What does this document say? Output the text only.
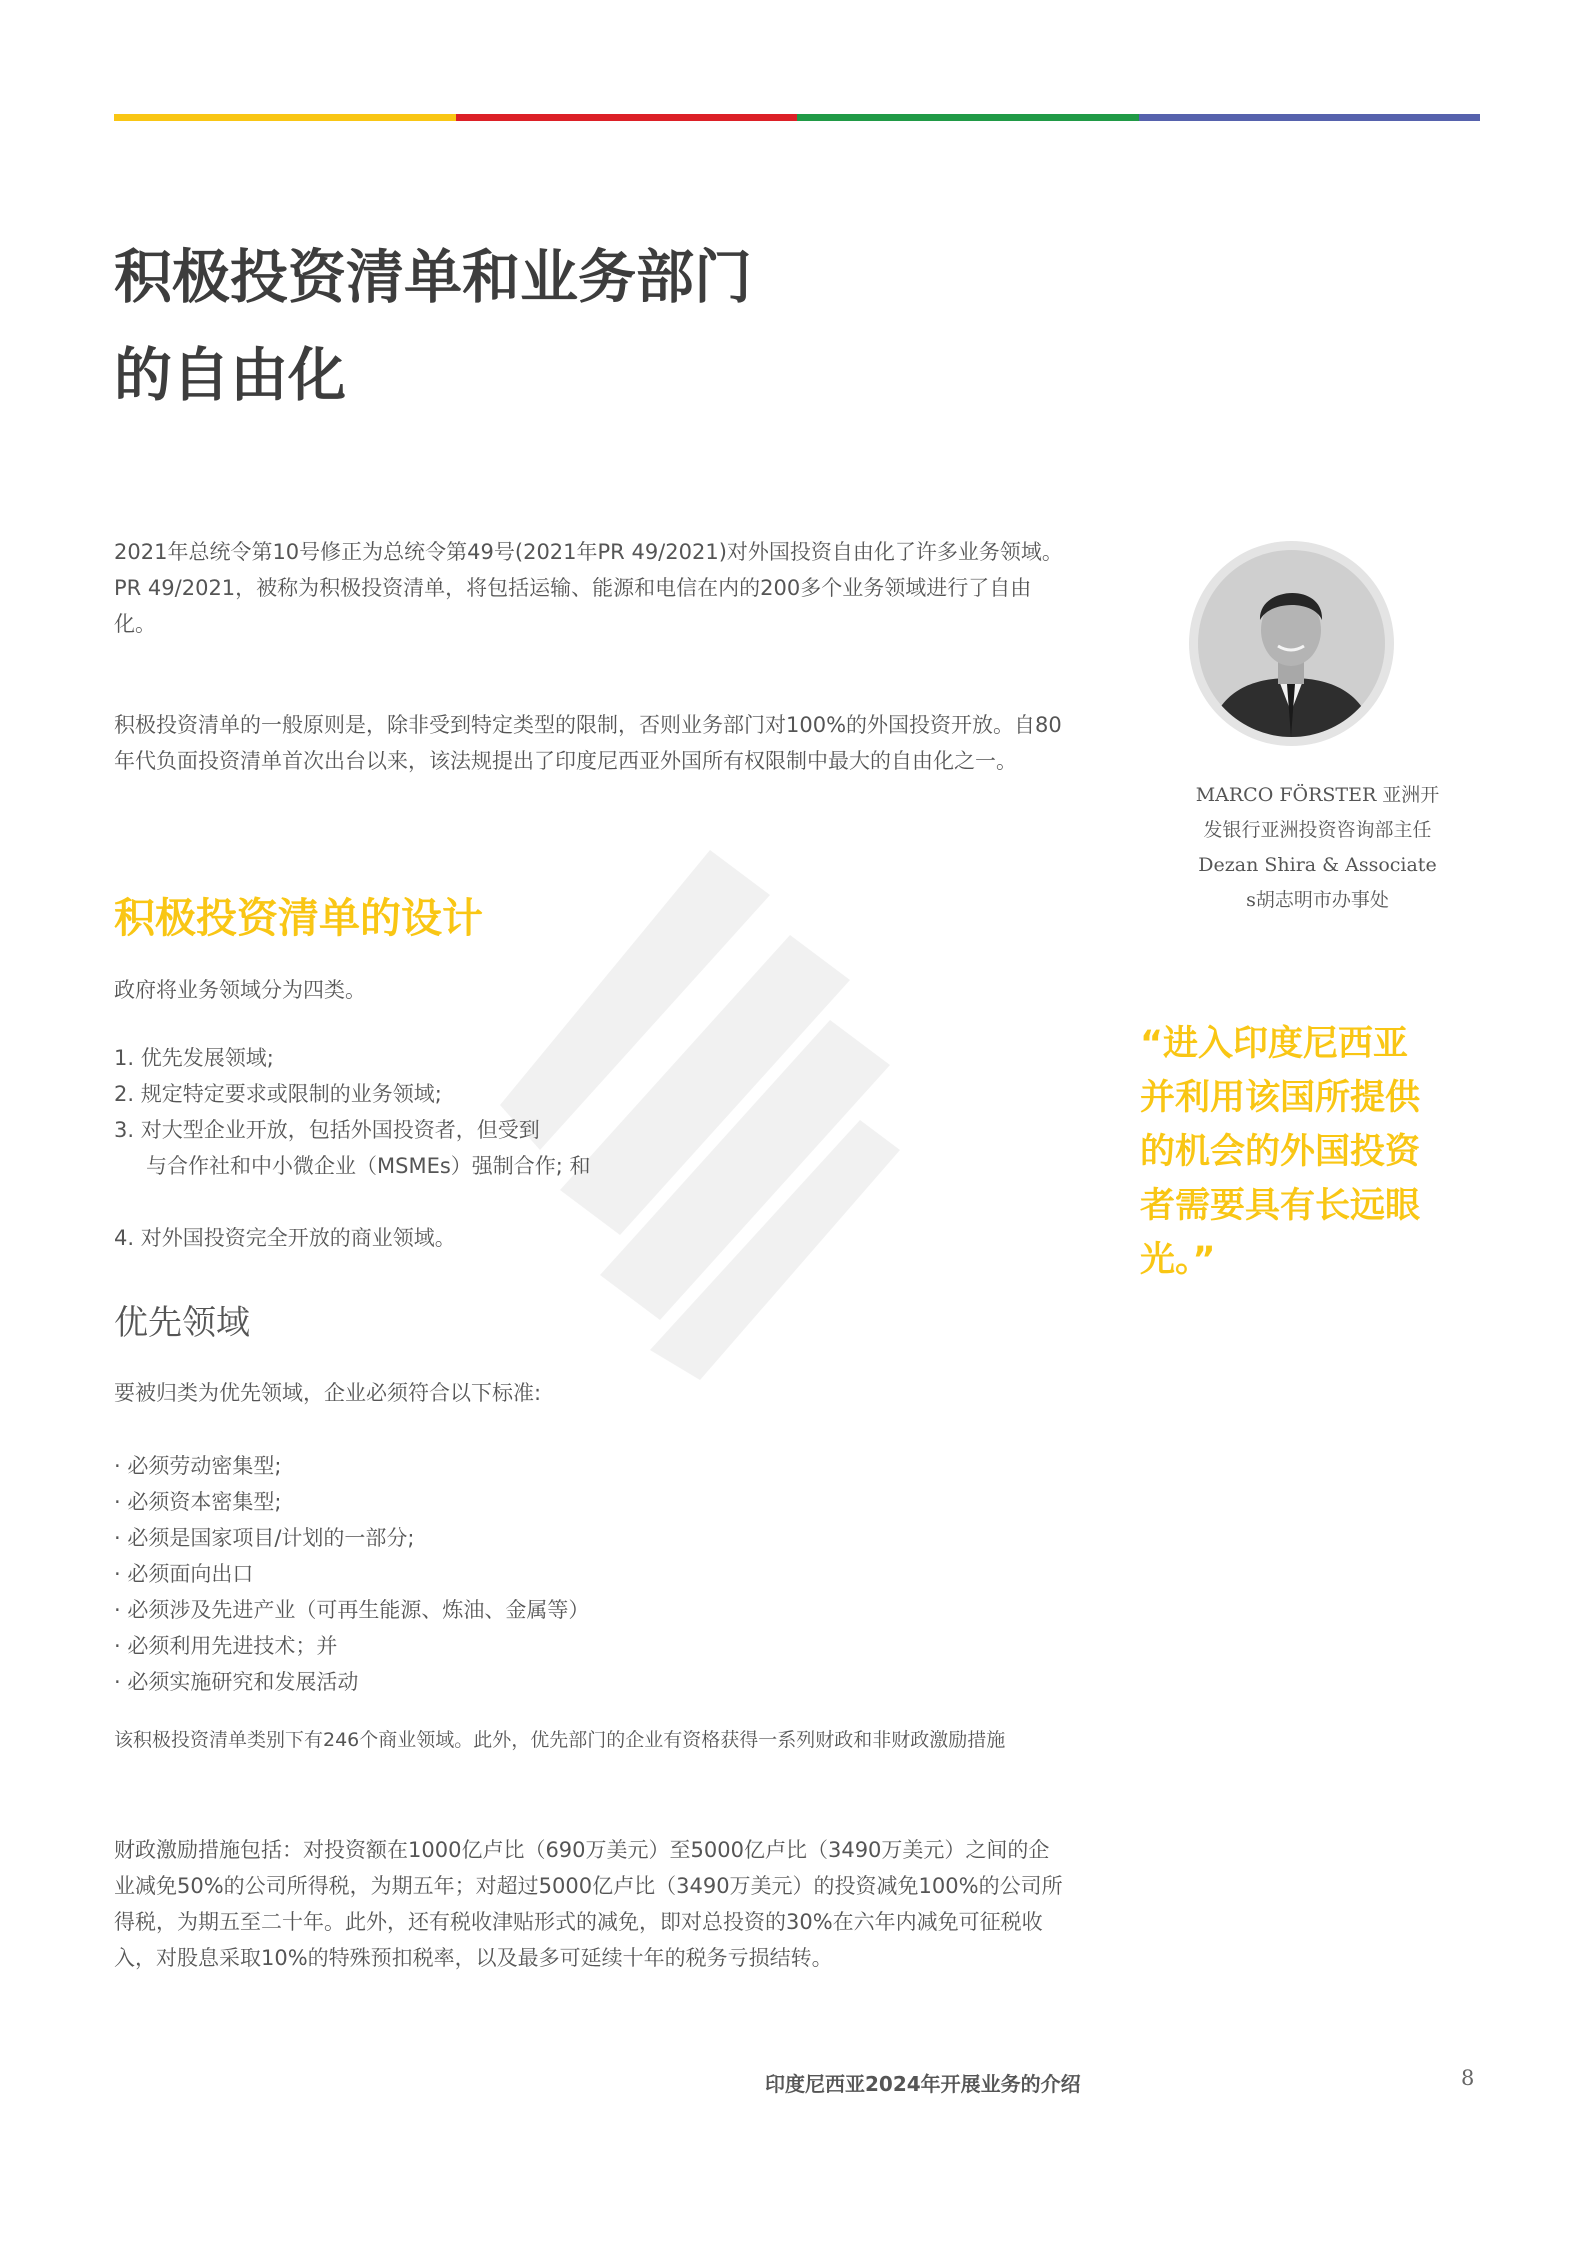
积极投资清单和业务部门
的自由化

2021年总统令第10号修正为总统令第49号(2021年PR 49/2021)对外国投资自由化了许多业务领域。PR 49/2021，被称为积极投资清单，将包括运输、能源和电信在内的200多个业务领域进行了自由化。

积极投资清单的一般原则是，除非受到特定类型的限制，否则业务部门对100%的外国投资开放。自80年代负面投资清单首次出台以来，该法规提出了印度尼西亚外国所有权限制中最大的自由化之一。

积极投资清单的设计

政府将业务领域分为四类。

1. 优先发展领域;
2. 规定特定要求或限制的业务领域;
3. 对大型企业开放，包括外国投资者，但受到
与合作社和中小微企业（MSMEs）强制合作; 和
4. 对外国投资完全开放的商业领域。
优先领域

要被归类为优先领域，企业必须符合以下标准:

· 必须劳动密集型;
· 必须资本密集型;
· 必须是国家项目/计划的一部分;
· 必须面向出口
· 必须涉及先进产业（可再生能源、炼油、金属等）
· 必须利用先进技术；并
· 必须实施研究和发展活动

该积极投资清单类别下有246个商业领域。此外，优先部门的企业有资格获得一系列财政和非财政激励措施

财政激励措施包括：对投资额在1000亿卢比（690万美元）至5000亿卢比（3490万美元）之间的企业减免50%的公司所得税，为期五年；对超过5000亿卢比（3490万美元）的投资减免100%的公司所得税，为期五至二十年。此外，还有税收津贴形式的减免，即对总投资的30%在六年内减免可征税收入，对股息采取10%的特殊预扣税率，以及最多可延续十年的税务亏损结转。

MARCO FÖRSTER 亚洲开
发银行亚洲投资咨询部主任
Dezan Shira & Associate
s胡志明市办事处

“进入印度尼西亚
并利用该国所提供
的机会的外国投资
者需要具有长远眼
光。”

印度尼西亚2024年开展业务的介绍	8
